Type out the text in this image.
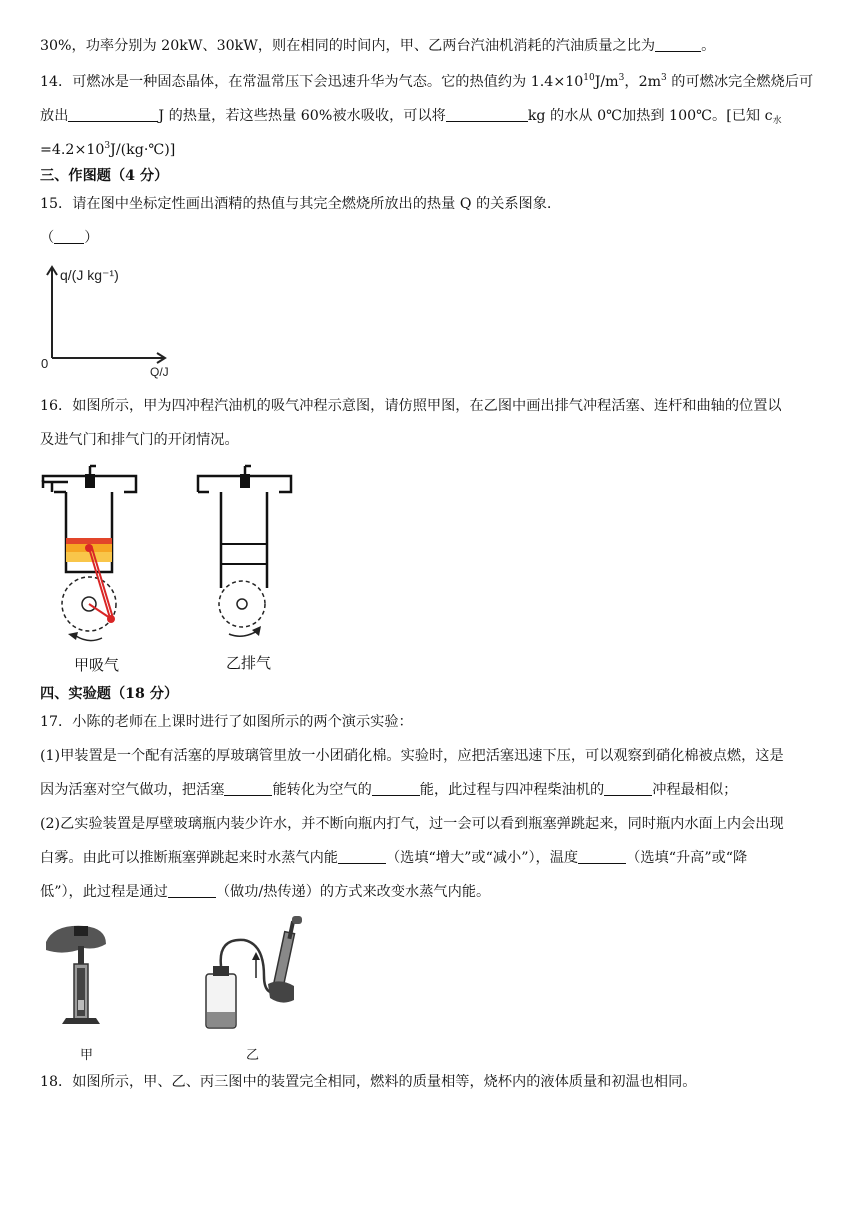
30%，功率分别为 20kW、30kW，则在相同的时间内，甲、乙两台汽油机消耗的汽油质量之比为	。
14．可燃冰是一种固态晶体，在常温常压下会迅速升华为气态。它的热值约为 $1.4\times 10^{10}J/m^3$，$2m^3$ 的可燃冰完全燃烧后可
放出	J 的热量，若这些热量 60%被水吸收，可以将	kg 的水从 0℃加热到 100℃。[已知 $c_水$
$=4.2\times 10^3J/(kg\cdot℃)$]
三、作图题（4 分）
15．请在图中坐标定性画出酒精的热值与其完全燃烧所放出的热量 Q 的关系图象.
（ ）
q/(J kg⁻¹)
Q/J
0
16．如图所示，甲为四冲程汽油机的吸气冲程示意图，请仿照甲图，在乙图中画出排气冲程活塞、连杆和曲轴的位置以
及进气门和排气门的开闭情况。
甲吸气	乙排气
四、实验题（18 分）
17．小陈的老师在上课时进行了如图所示的两个演示实验：
(1)甲装置是一个配有活塞的厚玻璃管里放一小团硝化棉。实验时，应把活塞迅速下压，可以观察到硝化棉被点燃，这是
因为活塞对空气做功，把活塞	能转化为空气的	能，此过程与四冲程柴油机的	冲程最相似；
(2)乙实验装置是厚壁玻璃瓶内装少许水，并不断向瓶内打气，过一会可以看到瓶塞弹跳起来，同时瓶内水面上内会出现
白雾。由此可以推断瓶塞弹跳起来时水蒸气内能	（选填“增大”或“减小”），温度	（选填“升高”或“降
低”），此过程是通过	（做功/热传递）的方式来改变水蒸气内能。
甲	乙
18．如图所示，甲、乙、丙三图中的装置完全相同，燃料的质量相等，烧杯内的液体质量和初温也相同。
